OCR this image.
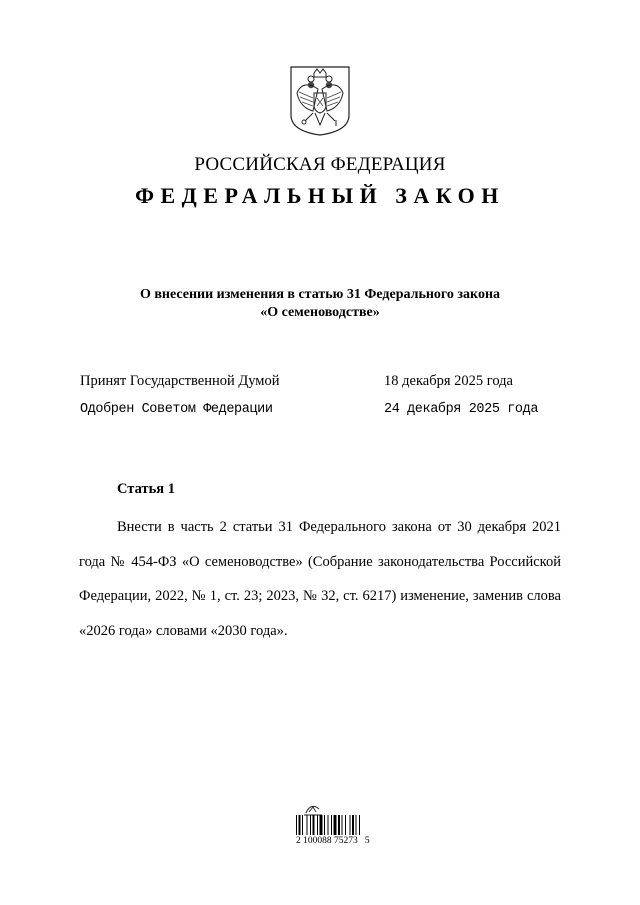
РОССИЙСКАЯ ФЕДЕРАЦИЯ
ФЕДЕРАЛЬНЫЙ ЗАКОН
О внесении изменения в статью 31 Федерального закона
«О семеноводстве»
Принят Государственной Думой	18 декабря 2025 года
Одобрен Советом Федерации	24 декабря 2025 года
Статья 1
Внести в часть 2 статьи 31 Федерального закона от 30 декабря 2021 года № 454-ФЗ «О семеноводстве» (Собрание законодательства Российской Федерации, 2022, № 1, ст. 23; 2023, № 32, ст. 6217) изменение, заменив слова «2026 года» словами «2030 года».
2 100088 75273   5
